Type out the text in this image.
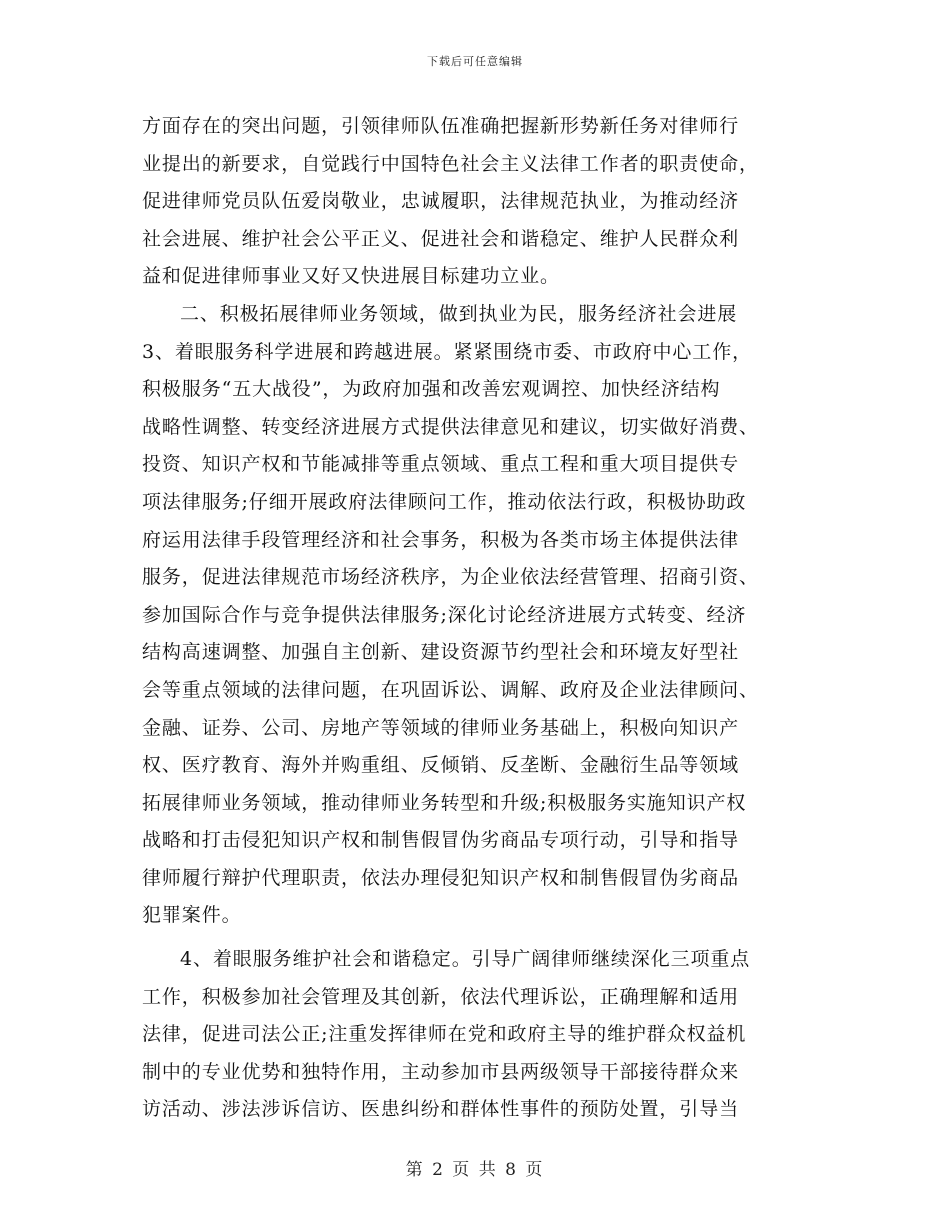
下载后可任意编辑
方面存在的突出问题，引领律师队伍准确把握新形势新任务对律师行
业提出的新要求，自觉践行中国特色社会主义法律工作者的职责使命，
促进律师党员队伍爱岗敬业，忠诚履职，法律规范执业，为推动经济
社会进展、维护社会公平正义、促进社会和谐稳定、维护人民群众利
益和促进律师事业又好又快进展目标建功立业。
二、积极拓展律师业务领域，做到执业为民，服务经济社会进展
3、着眼服务科学进展和跨越进展。紧紧围绕市委、市政府中心工作，
积极服务“五大战役”，为政府加强和改善宏观调控、加快经济结构
战略性调整、转变经济进展方式提供法律意见和建议，切实做好消费、
投资、知识产权和节能减排等重点领域、重点工程和重大项目提供专
项法律服务;仔细开展政府法律顾问工作，推动依法行政，积极协助政
府运用法律手段管理经济和社会事务，积极为各类市场主体提供法律
服务，促进法律规范市场经济秩序，为企业依法经营管理、招商引资、
参加国际合作与竞争提供法律服务;深化讨论经济进展方式转变、经济
结构高速调整、加强自主创新、建设资源节约型社会和环境友好型社
会等重点领域的法律问题，在巩固诉讼、调解、政府及企业法律顾问、
金融、证券、公司、房地产等领域的律师业务基础上，积极向知识产
权、医疗教育、海外并购重组、反倾销、反垄断、金融衍生品等领域
拓展律师业务领域，推动律师业务转型和升级;积极服务实施知识产权
战略和打击侵犯知识产权和制售假冒伪劣商品专项行动，引导和指导
律师履行辩护代理职责，依法办理侵犯知识产权和制售假冒伪劣商品
犯罪案件。
4、着眼服务维护社会和谐稳定。引导广阔律师继续深化三项重点
工作，积极参加社会管理及其创新，依法代理诉讼，正确理解和适用
法律，促进司法公正;注重发挥律师在党和政府主导的维护群众权益机
制中的专业优势和独特作用，主动参加市县两级领导干部接待群众来
访活动、涉法涉诉信访、医患纠纷和群体性事件的预防处置，引导当
第 2 页 共 8 页
